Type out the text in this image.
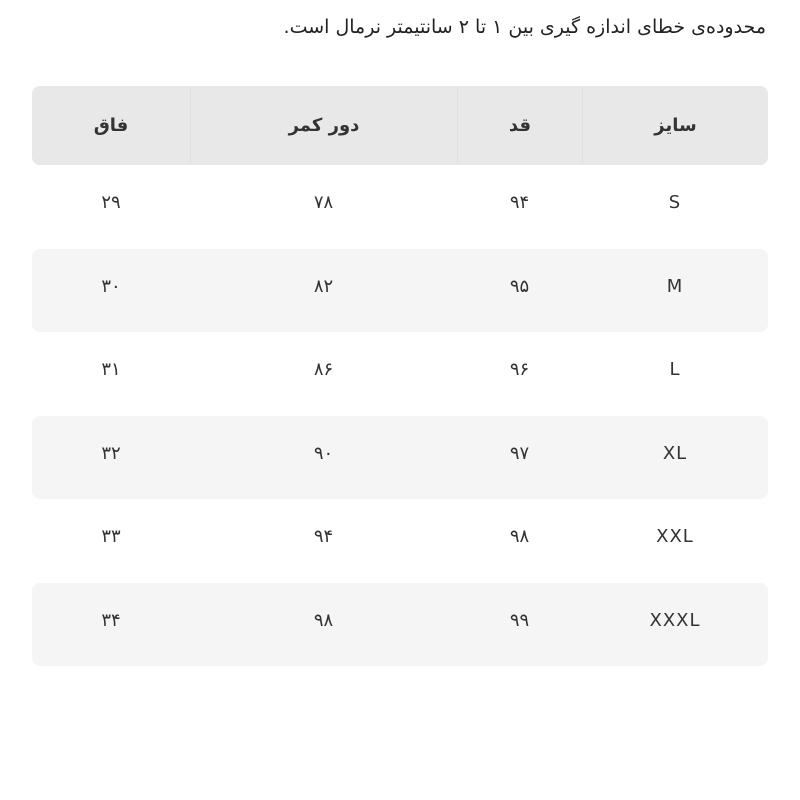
محدوده‌ی خطای اندازه گیری بین ۱ تا ۲ سانتیمتر نرمال است.
سایز
قد
دور کمر
فاق
S
۹۴
۷۸
۲۹
M
۹۵
۸۲
۳۰
L
۹۶
۸۶
۳۱
XL
۹۷
۹۰
۳۲
XXL
۹۸
۹۴
۳۳
XXXL
۹۹
۹۸
۳۴
